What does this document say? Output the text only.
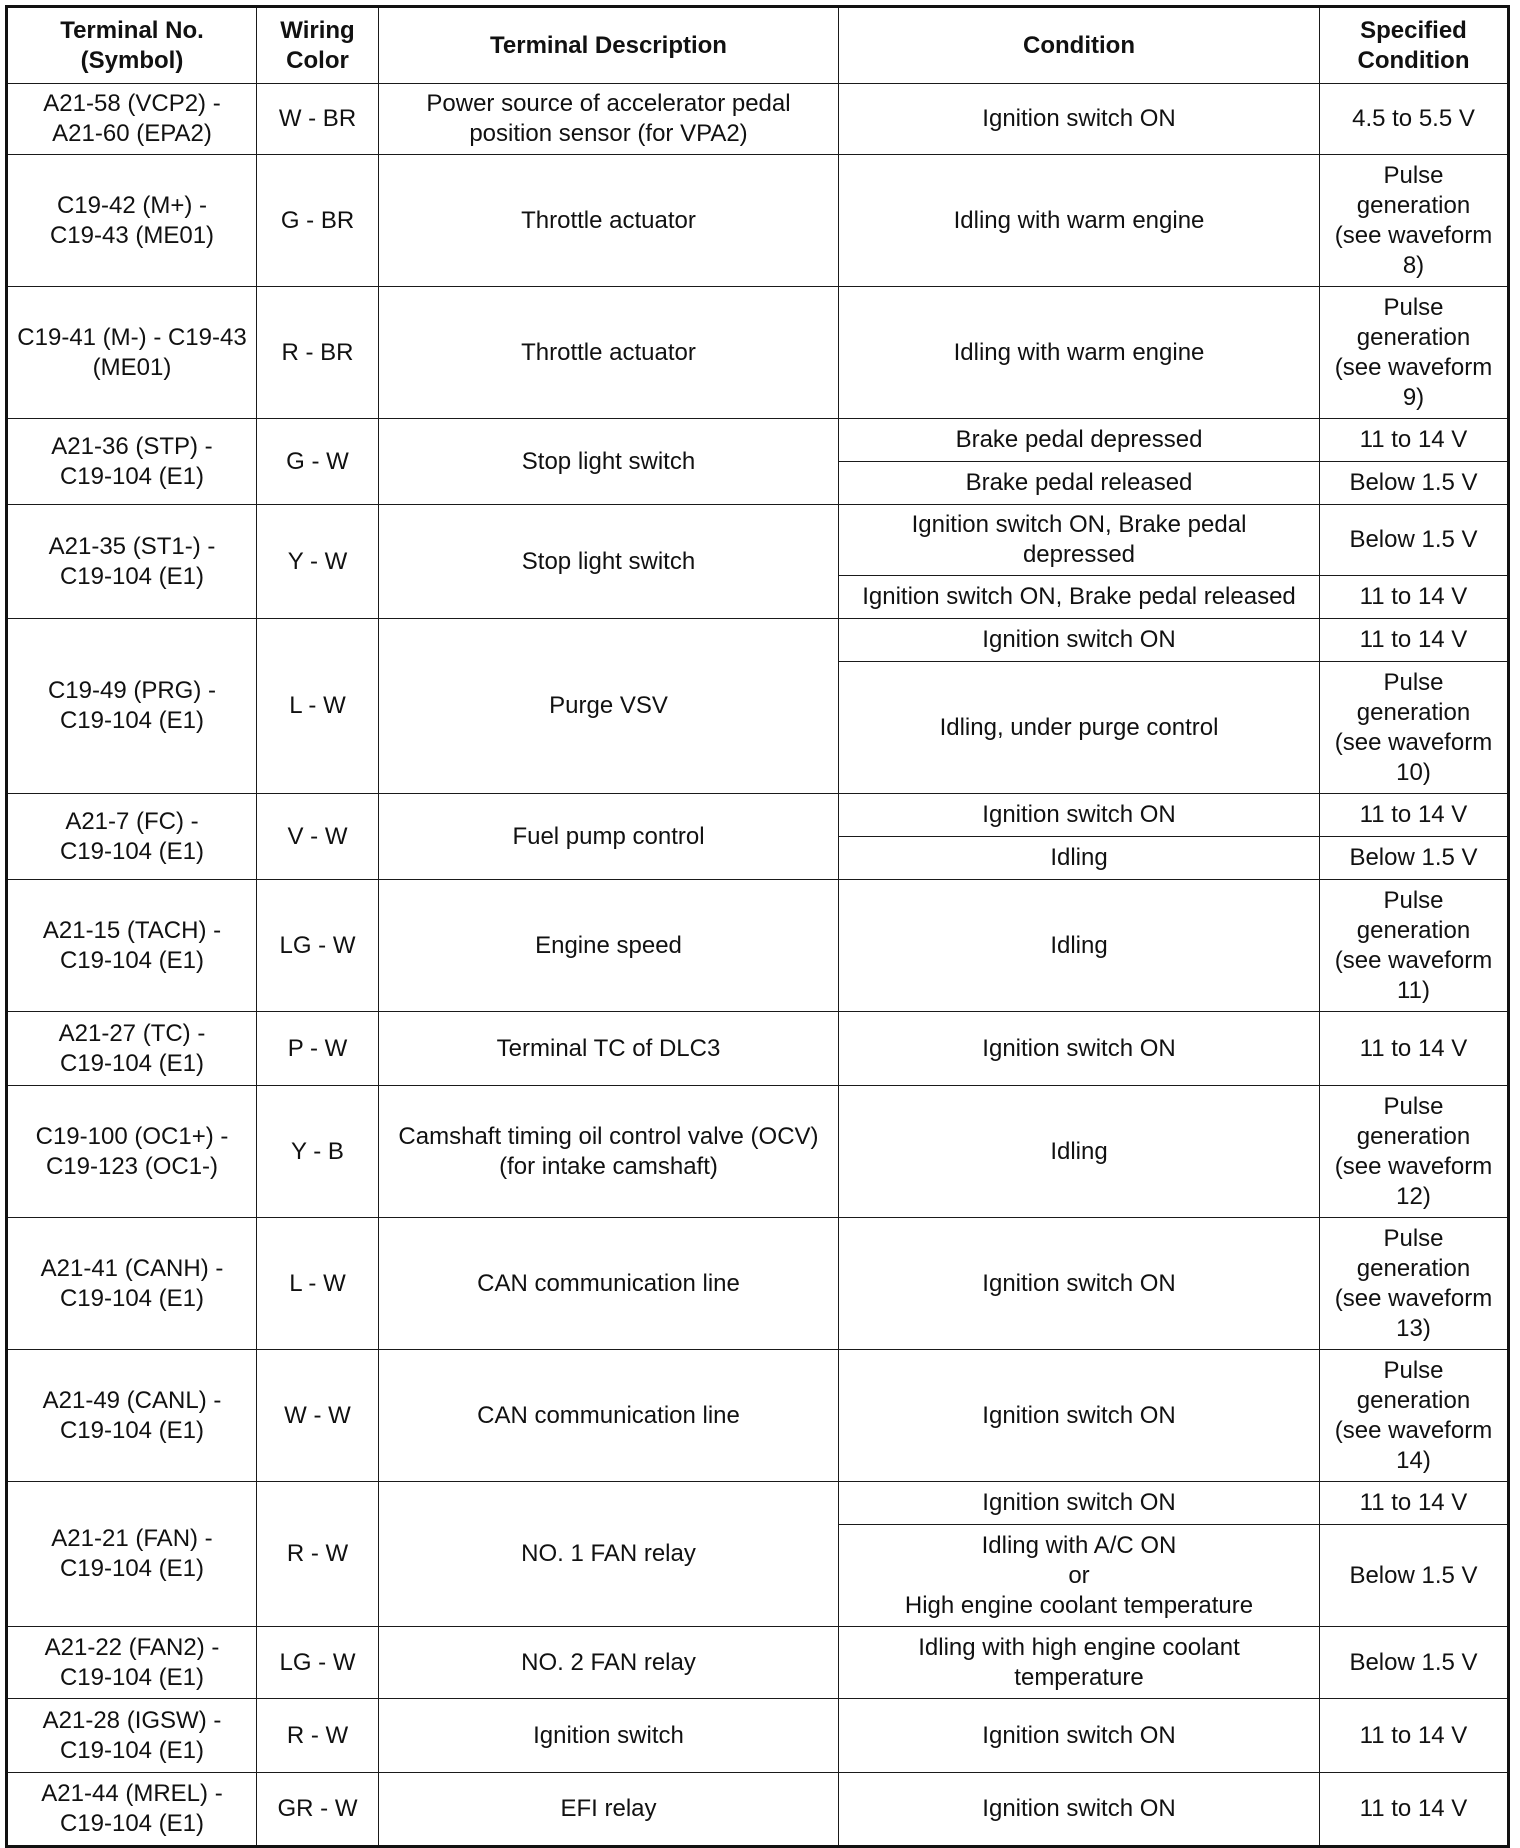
Terminal No.
(Symbol)	Wiring
Color	Terminal Description	Condition	Specified
Condition
A21-58 (VCP2) -
A21-60 (EPA2)	W - BR	Power source of accelerator pedal
position sensor (for VPA2)	Ignition switch ON	4.5 to 5.5 V
C19-42 (M+) -
C19-43 (ME01)	G - BR	Throttle actuator	Idling with warm engine	Pulse
generation
(see waveform
8)
C19-41 (M-) - C19-43
(ME01)	R - BR	Throttle actuator	Idling with warm engine	Pulse
generation
(see waveform
9)
A21-36 (STP) -
C19-104 (E1)	G - W	Stop light switch	Brake pedal depressed	11 to 14 V
			Brake pedal released	Below 1.5 V
A21-35 (ST1-) -
C19-104 (E1)	Y - W	Stop light switch	Ignition switch ON, Brake pedal
depressed	Below 1.5 V
			Ignition switch ON, Brake pedal released	11 to 14 V
C19-49 (PRG) -
C19-104 (E1)	L - W	Purge VSV	Ignition switch ON	11 to 14 V
			Idling, under purge control	Pulse
generation
(see waveform
10)
A21-7 (FC) -
C19-104 (E1)	V - W	Fuel pump control	Ignition switch ON	11 to 14 V
			Idling	Below 1.5 V
A21-15 (TACH) -
C19-104 (E1)	LG - W	Engine speed	Idling	Pulse
generation
(see waveform
11)
A21-27 (TC) -
C19-104 (E1)	P - W	Terminal TC of DLC3	Ignition switch ON	11 to 14 V
C19-100 (OC1+) -
C19-123 (OC1-)	Y - B	Camshaft timing oil control valve (OCV)
(for intake camshaft)	Idling	Pulse
generation
(see waveform
12)
A21-41 (CANH) -
C19-104 (E1)	L - W	CAN communication line	Ignition switch ON	Pulse
generation
(see waveform
13)
A21-49 (CANL) -
C19-104 (E1)	W - W	CAN communication line	Ignition switch ON	Pulse
generation
(see waveform
14)
A21-21 (FAN) -
C19-104 (E1)	R - W	NO. 1 FAN relay	Ignition switch ON	11 to 14 V
			Idling with A/C ON
or
High engine coolant temperature	Below 1.5 V
A21-22 (FAN2) -
C19-104 (E1)	LG - W	NO. 2 FAN relay	Idling with high engine coolant
temperature	Below 1.5 V
A21-28 (IGSW) -
C19-104 (E1)	R - W	Ignition switch	Ignition switch ON	11 to 14 V
A21-44 (MREL) -
C19-104 (E1)	GR - W	EFI relay	Ignition switch ON	11 to 14 V
